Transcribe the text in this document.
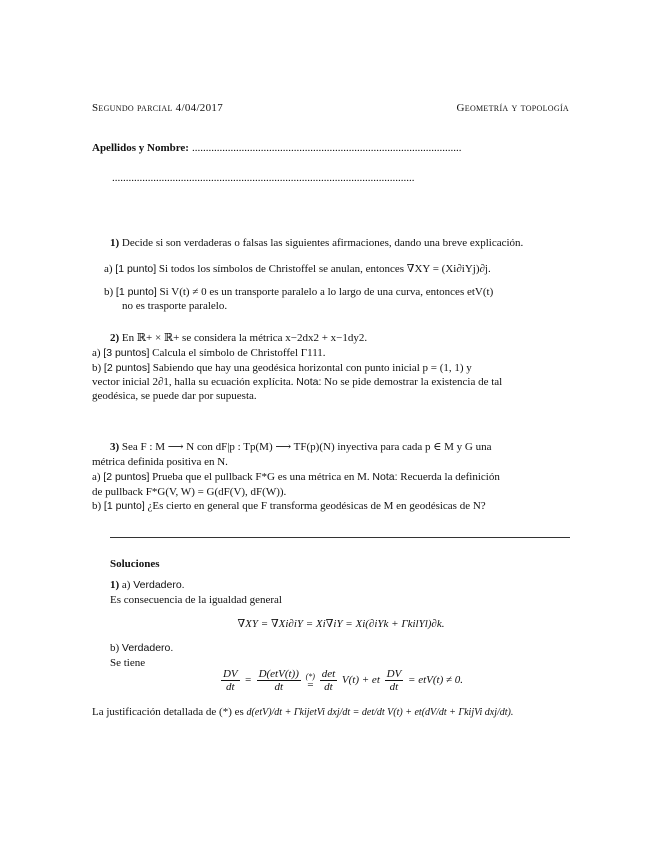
Segundo parcial 4/04/2017	Geometría y topología
Apellidos y Nombre: ..................................................................................................
..............................................................................................................
1) Decide si son verdaderas o falsas las siguientes afirmaciones, dando una breve explicación.
a) [1 punto] Si todos los símbolos de Christoffel se anulan, entonces ∇XY = (Xi∂iYj)∂j.
b) [1 punto] Si V(t) ≠ 0 es un transporte paralelo a lo largo de una curva, entonces etV(t)
no es trasporte paralelo.
2) En ℝ+ × ℝ+ se considera la métrica x−2dx2 + x−1dy2.
a) [3 puntos] Calcula el símbolo de Christoffel Γ111.
b) [2 puntos] Sabiendo que hay una geodésica horizontal con punto inicial p = (1, 1) y
vector inicial 2∂1, halla su ecuación explícita. Nota: No se pide demostrar la existencia de tal
geodésica, se puede dar por supuesta.
3) Sea F : M ⟶ N con dF|p : Tp(M) ⟶ TF(p)(N) inyectiva para cada p ∈ M y G una
métrica definida positiva en N.
a) [2 puntos] Prueba que el pullback F*G es una métrica en M. Nota: Recuerda la definición
de pullback F*G(V, W) = G(dF(V), dF(W)).
b) [1 punto] ¿Es cierto en general que F transforma geodésicas de M en geodésicas de N?
Soluciones
1) a) Verdadero.
Es consecuencia de la igualdad general
∇XY = ∇Xi∂iY = Xi∇iY = Xi(∂iYk + ΓkilYl)∂k.
b) Verdadero.
Se tiene
$\frac{DV}{dt} = \frac{\text{D(etV(t))}}{dt}$
(*)
=
$\frac{\det}{dt} V(t)$ + et $\frac{DV}{dt} = etV(t) \ne 0$.
La justificación detallada de (*) es d(etV)/dt + ΓkijetVi dxj/dt = det/dt V(t) + et(dV/dt + ΓkijVi dxj/dt).
